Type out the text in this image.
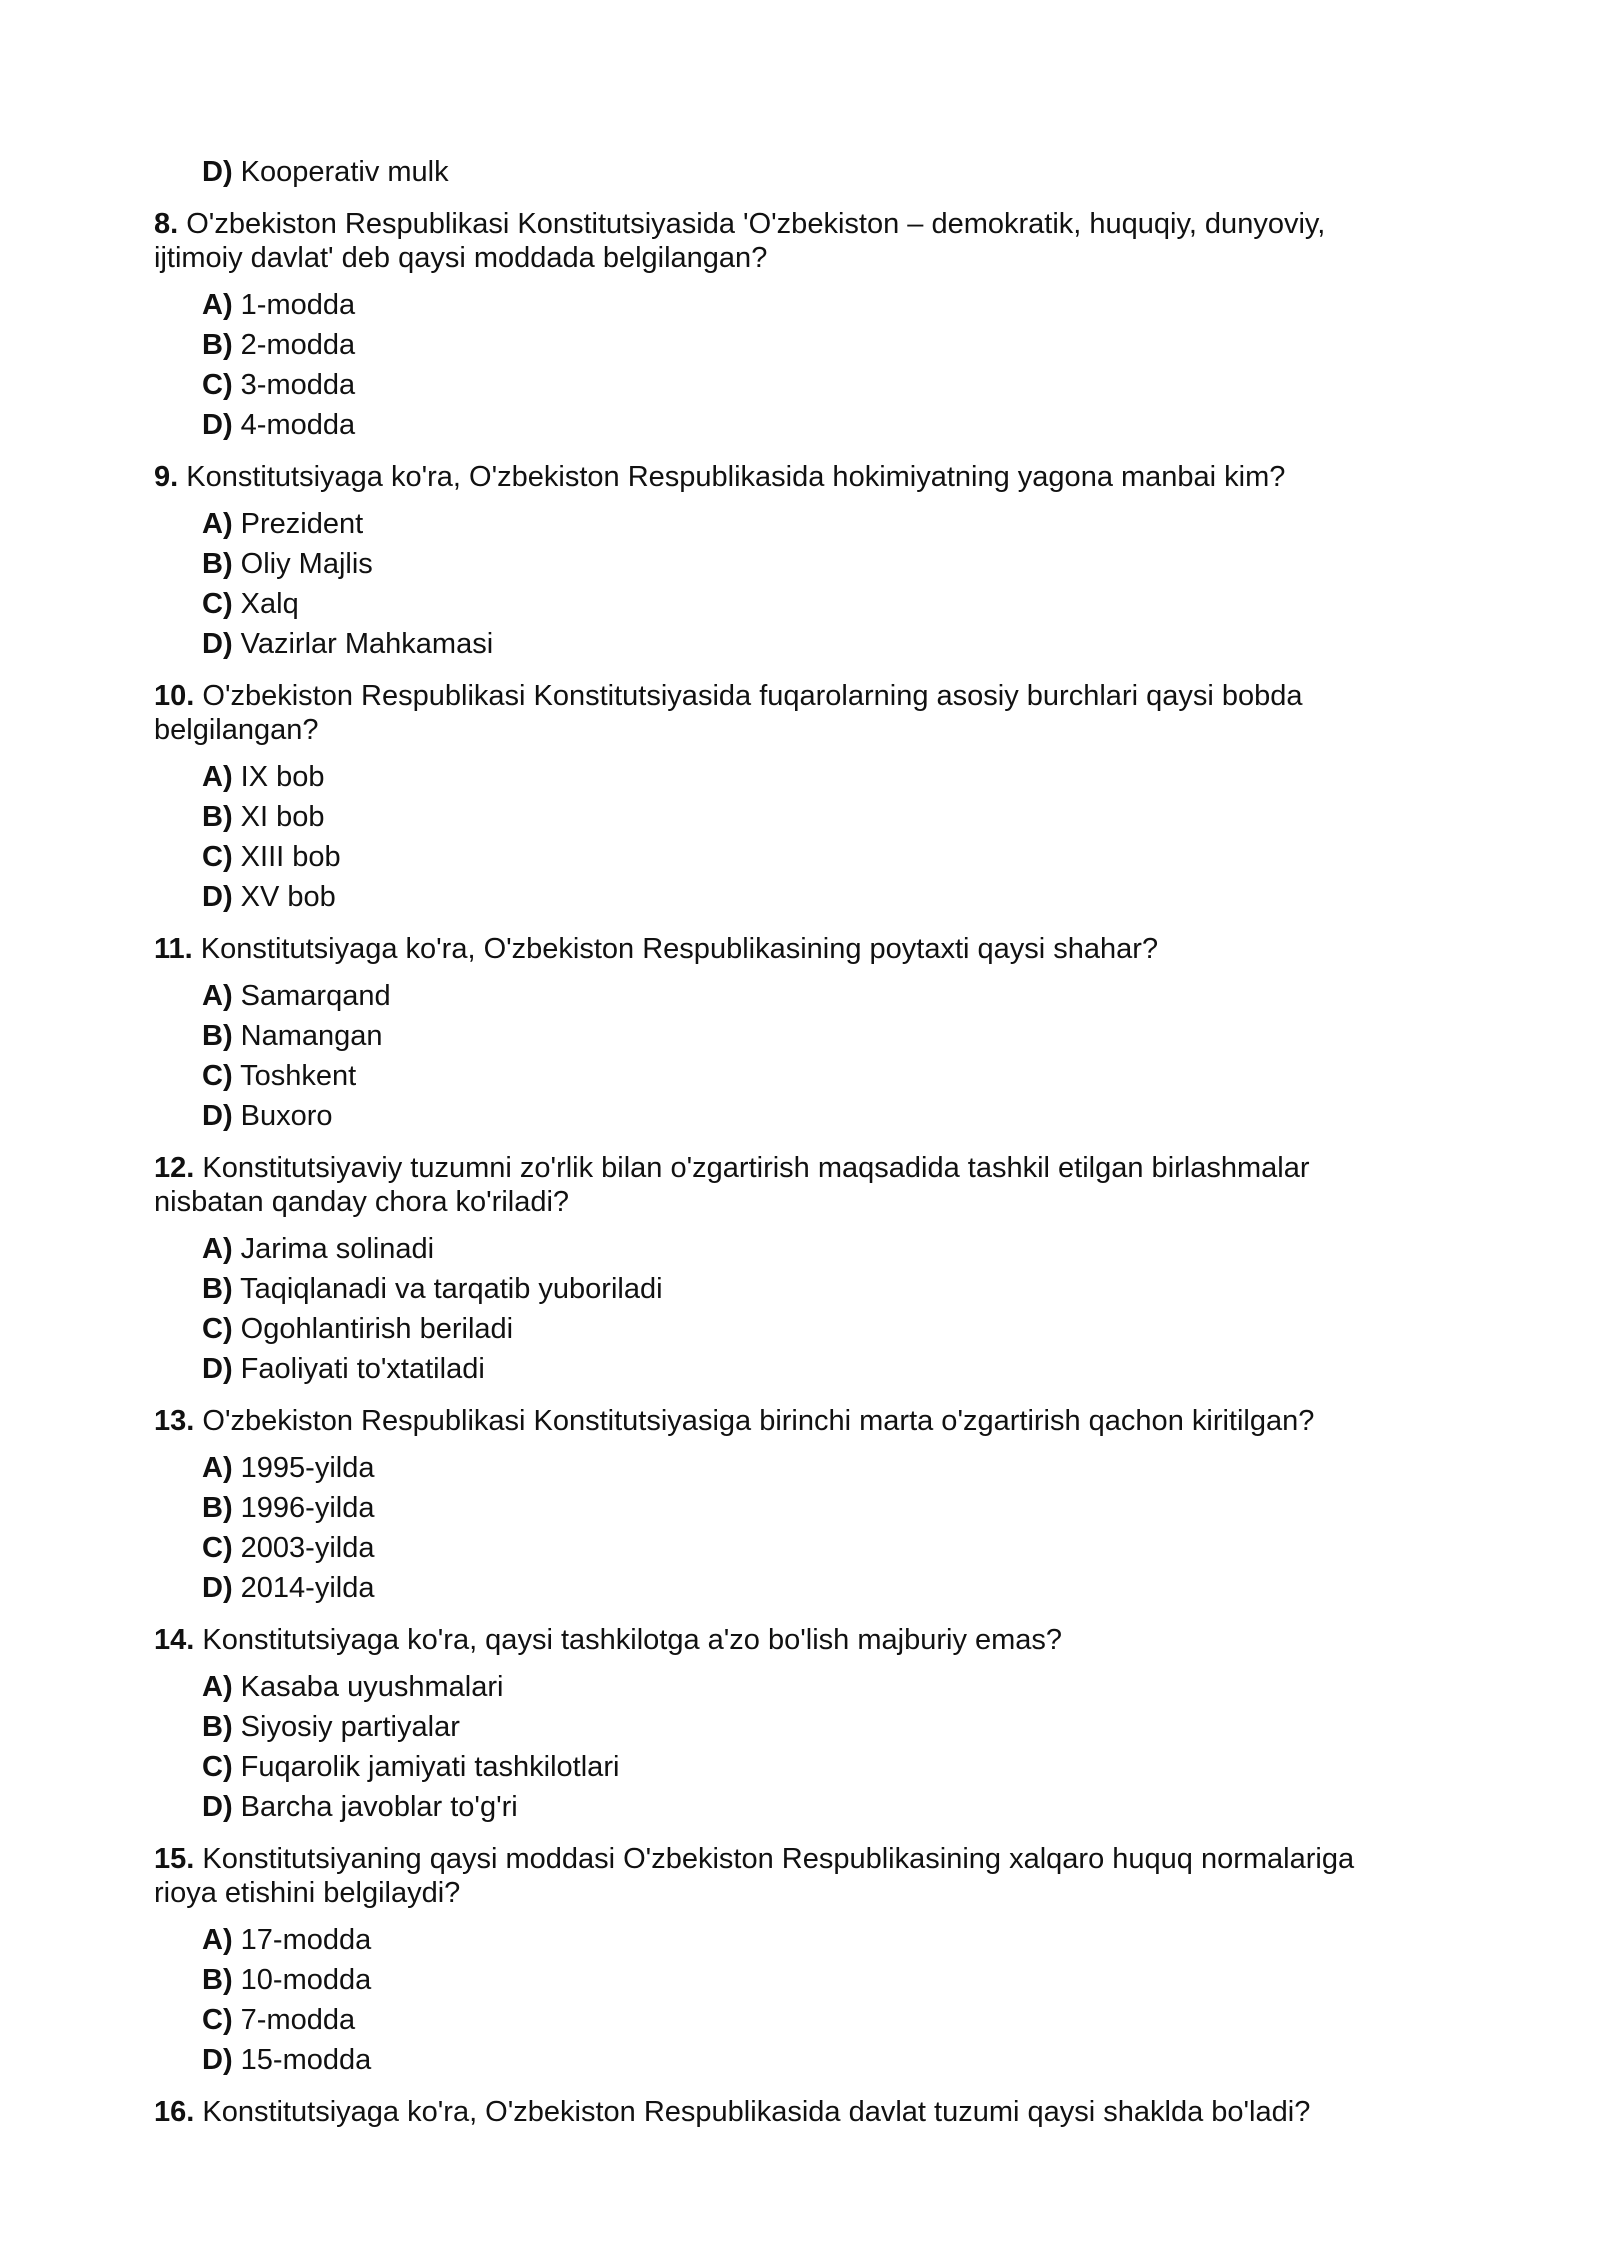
D) Kooperativ mulk
8. O'zbekiston Respublikasi Konstitutsiyasida 'O'zbekiston – demokratik, huquqiy, dunyoviy, ijtimoiy davlat' deb qaysi moddada belgilangan?
A) 1-modda
B) 2-modda
C) 3-modda
D) 4-modda
9. Konstitutsiyaga ko'ra, O'zbekiston Respublikasida hokimiyatning yagona manbai kim?
A) Prezident
B) Oliy Majlis
C) Xalq
D) Vazirlar Mahkamasi
10. O'zbekiston Respublikasi Konstitutsiyasida fuqarolarning asosiy burchlari qaysi bobda belgilangan?
A) IX bob
B) XI bob
C) XIII bob
D) XV bob
11. Konstitutsiyaga ko'ra, O'zbekiston Respublikasining poytaxti qaysi shahar?
A) Samarqand
B) Namangan
C) Toshkent
D) Buxoro
12. Konstitutsiyaviy tuzumni zo'rlik bilan o'zgartirish maqsadida tashkil etilgan birlashmalar nisbatan qanday chora ko'riladi?
A) Jarima solinadi
B) Taqiqlanadi va tarqatib yuboriladi
C) Ogohlantirish beriladi
D) Faoliyati to'xtatiladi
13. O'zbekiston Respublikasi Konstitutsiyasiga birinchi marta o'zgartirish qachon kiritilgan?
A) 1995-yilda
B) 1996-yilda
C) 2003-yilda
D) 2014-yilda
14. Konstitutsiyaga ko'ra, qaysi tashkilotga a'zo bo'lish majburiy emas?
A) Kasaba uyushmalari
B) Siyosiy partiyalar
C) Fuqarolik jamiyati tashkilotlari
D) Barcha javoblar to'g'ri
15. Konstitutsiyaning qaysi moddasi O'zbekiston Respublikasining xalqaro huquq normalariga rioya etishini belgilaydi?
A) 17-modda
B) 10-modda
C) 7-modda
D) 15-modda
16. Konstitutsiyaga ko'ra, O'zbekiston Respublikasida davlat tuzumi qaysi shaklda bo'ladi?
